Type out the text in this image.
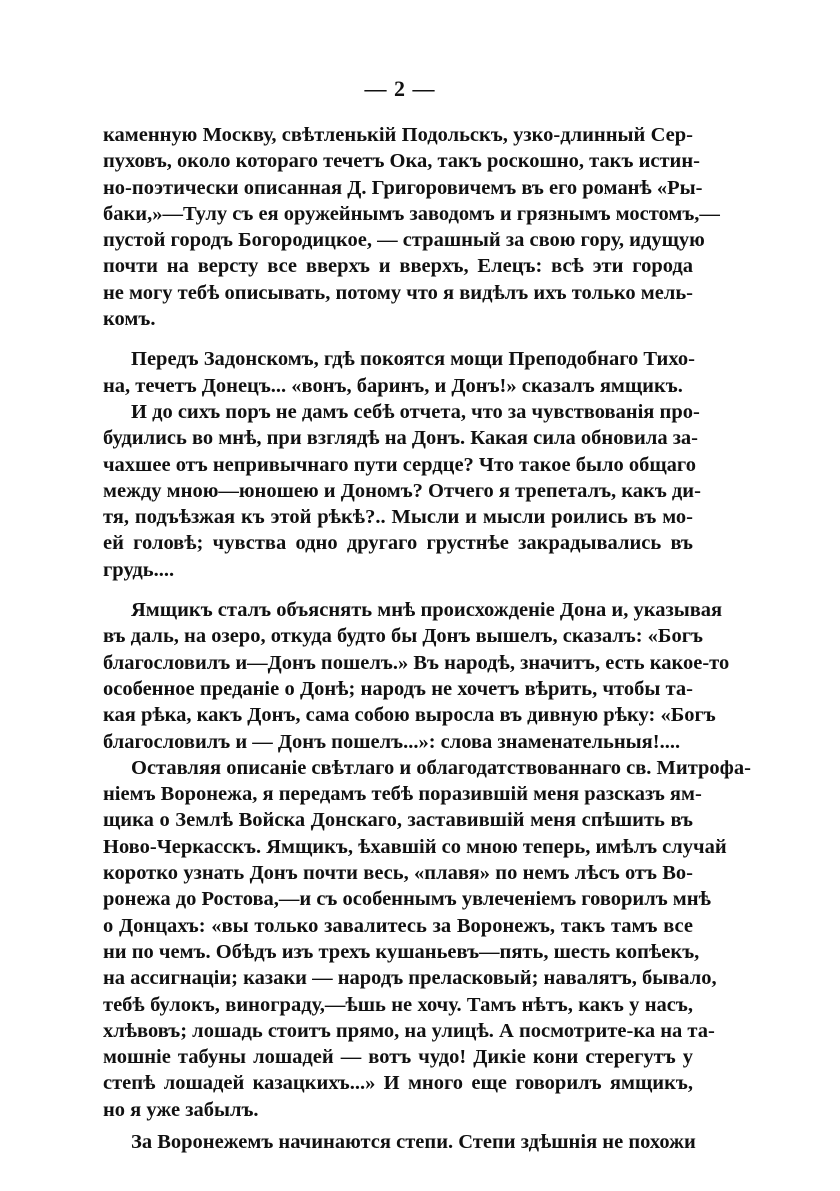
— 2 —
каменную Москву, свѣтленькій Подольскъ, узко-длинный Сер-
пуховъ, около котораго течетъ Ока, такъ роскошно, такъ истин-
но-поэтически описанная Д. Григоровичемъ въ его романѣ «Ры-
баки,»—Тулу съ ея оружейнымъ заводомъ и грязнымъ мостомъ,—
пустой городъ Богородицкое, — страшный за свою гору, идущую
почти на версту все вверхъ и вверхъ, Елецъ: всѣ эти города
не могу тебѣ описывать, потому что я видѣлъ ихъ только мель-
комъ.
Передъ Задонскомъ, гдѣ покоятся мощи Преподобнаго Тихо-
на, течетъ Донецъ... «вонъ, баринъ, и Донъ!» сказалъ ямщикъ.
И до сихъ поръ не дамъ себѣ отчета, что за чувствованія про-
будились во мнѣ, при взглядѣ на Донъ. Какая сила обновила за-
чахшее отъ непривычнаго пути сердце? Что такое было общаго
между мною—юношею и Дономъ? Отчего я трепеталъ, какъ ди-
тя, подъѣзжая къ этой рѣкѣ?.. Мысли и мысли роились въ мо-
ей головѣ; чувства одно другаго грустнѣе закрадывались въ
грудь....
Ямщикъ сталъ объяснять мнѣ происхожденіе Дона и, указывая
въ даль, на озеро, откуда будто бы Донъ вышелъ, сказалъ: «Богъ
благословилъ и—Донъ пошелъ.» Въ народѣ, значитъ, есть какое-то
особенное преданіе о Донѣ; народъ не хочетъ вѣрить, чтобы та-
кая рѣка, какъ Донъ, сама собою выросла въ дивную рѣку: «Богъ
благословилъ и — Донъ пошелъ...»: слова знаменательныя!....
Оставляя описаніе свѣтлаго и облагодатствованнаго св. Митрофа-
ніемъ Воронежа, я передамъ тебѣ поразившій меня разсказъ ям-
щика о Землѣ Войска Донскаго, заставившій меня спѣшить въ
Ново-Черкасскъ. Ямщикъ, ѣхавшій со мною теперь, имѣлъ случай
коротко узнать Донъ почти весь, «плавя» по немъ лѣсъ отъ Во-
ронежа до Ростова,—и съ особеннымъ увлеченіемъ говорилъ мнѣ
о Донцахъ: «вы только завалитесь за Воронежъ, такъ тамъ все
ни по чемъ. Обѣдъ изъ трехъ кушаньевъ—пять, шесть копѣекъ,
на ассигнаціи; казаки — народъ преласковый; навалятъ, бывало,
тебѣ булокъ, винограду,—ѣшь не хочу. Тамъ нѣтъ, какъ у насъ,
хлѣвовъ; лошадь стоитъ прямо, на улицѣ. А посмотрите-ка на та-
мошніе табуны лошадей — вотъ чудо! Дикіе кони стерегутъ у
степѣ лошадей казацкихъ...» И много еще говорилъ ямщикъ,
но я уже забылъ.
За Воронежемъ начинаются степи. Степи здѣшнія не похожи
